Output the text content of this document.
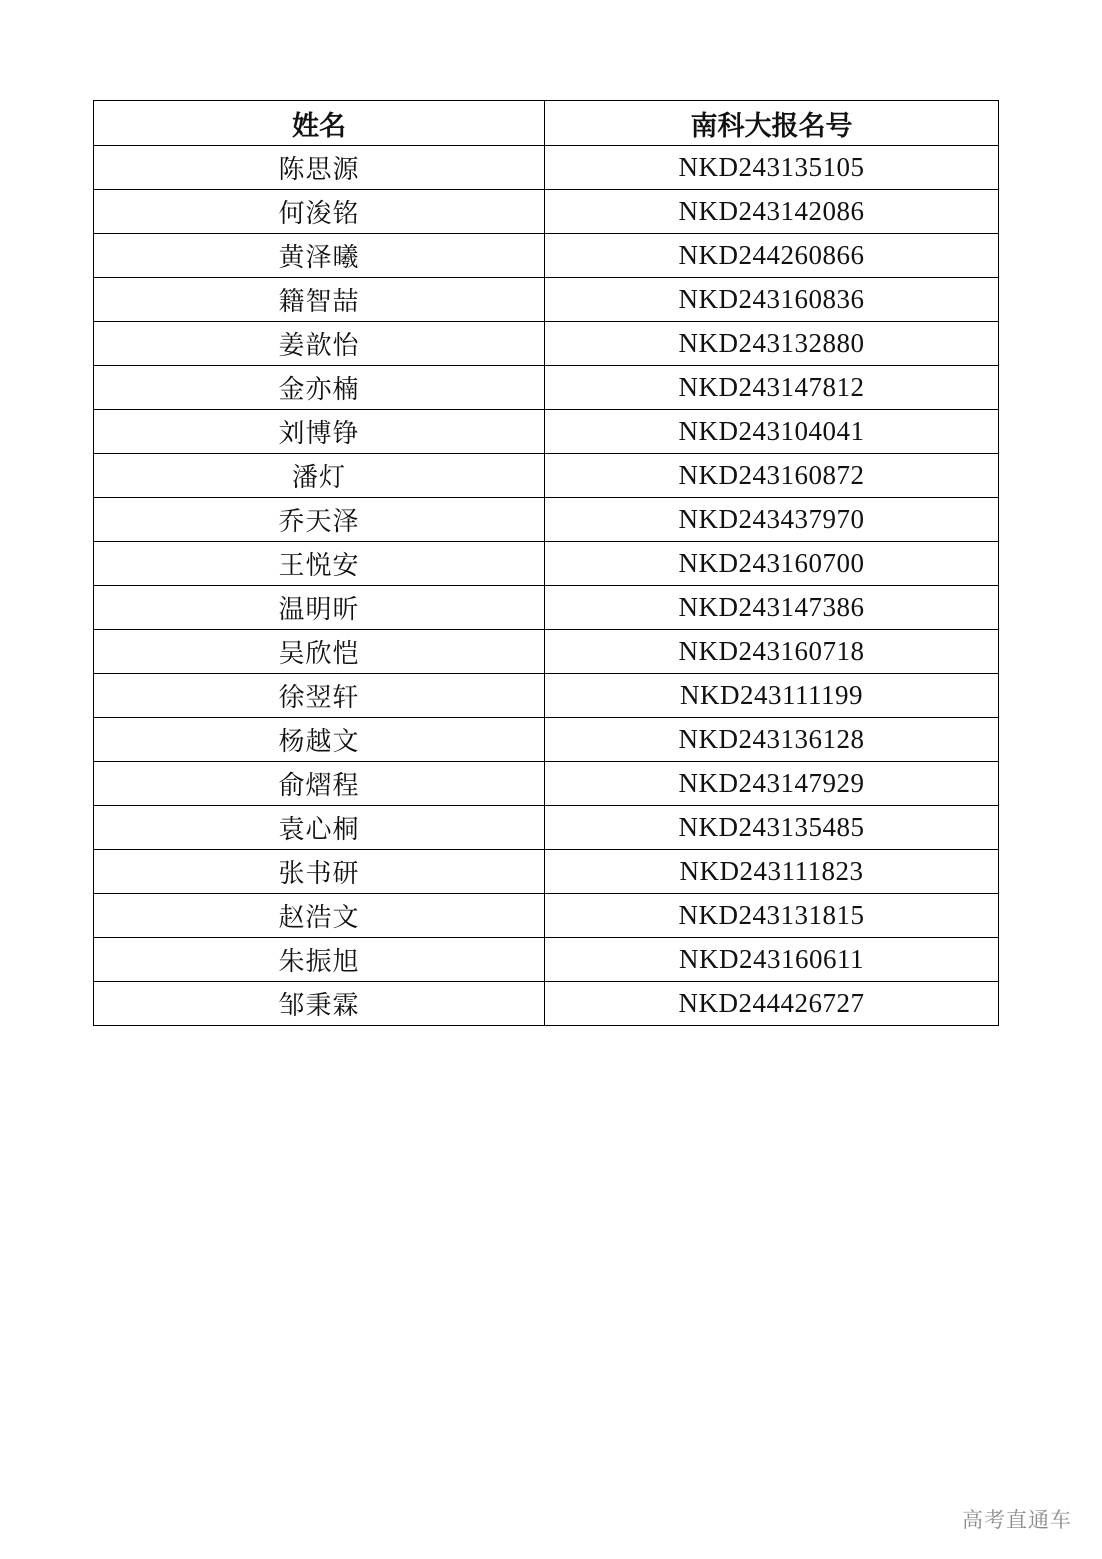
姓名	南科大报名号
陈思源	NKD243135105
何浚铭	NKD243142086
黄泽曦	NKD244260866
籍智喆	NKD243160836
姜歆怡	NKD243132880
金亦楠	NKD243147812
刘博铮	NKD243104041
潘灯	NKD243160872
乔天泽	NKD243437970
王悦安	NKD243160700
温明昕	NKD243147386
吴欣恺	NKD243160718
徐翌轩	NKD243111199
杨越文	NKD243136128
俞熠程	NKD243147929
袁心桐	NKD243135485
张书研	NKD243111823
赵浩文	NKD243131815
朱振旭	NKD243160611
邹秉霖	NKD244426727
高考直通车
